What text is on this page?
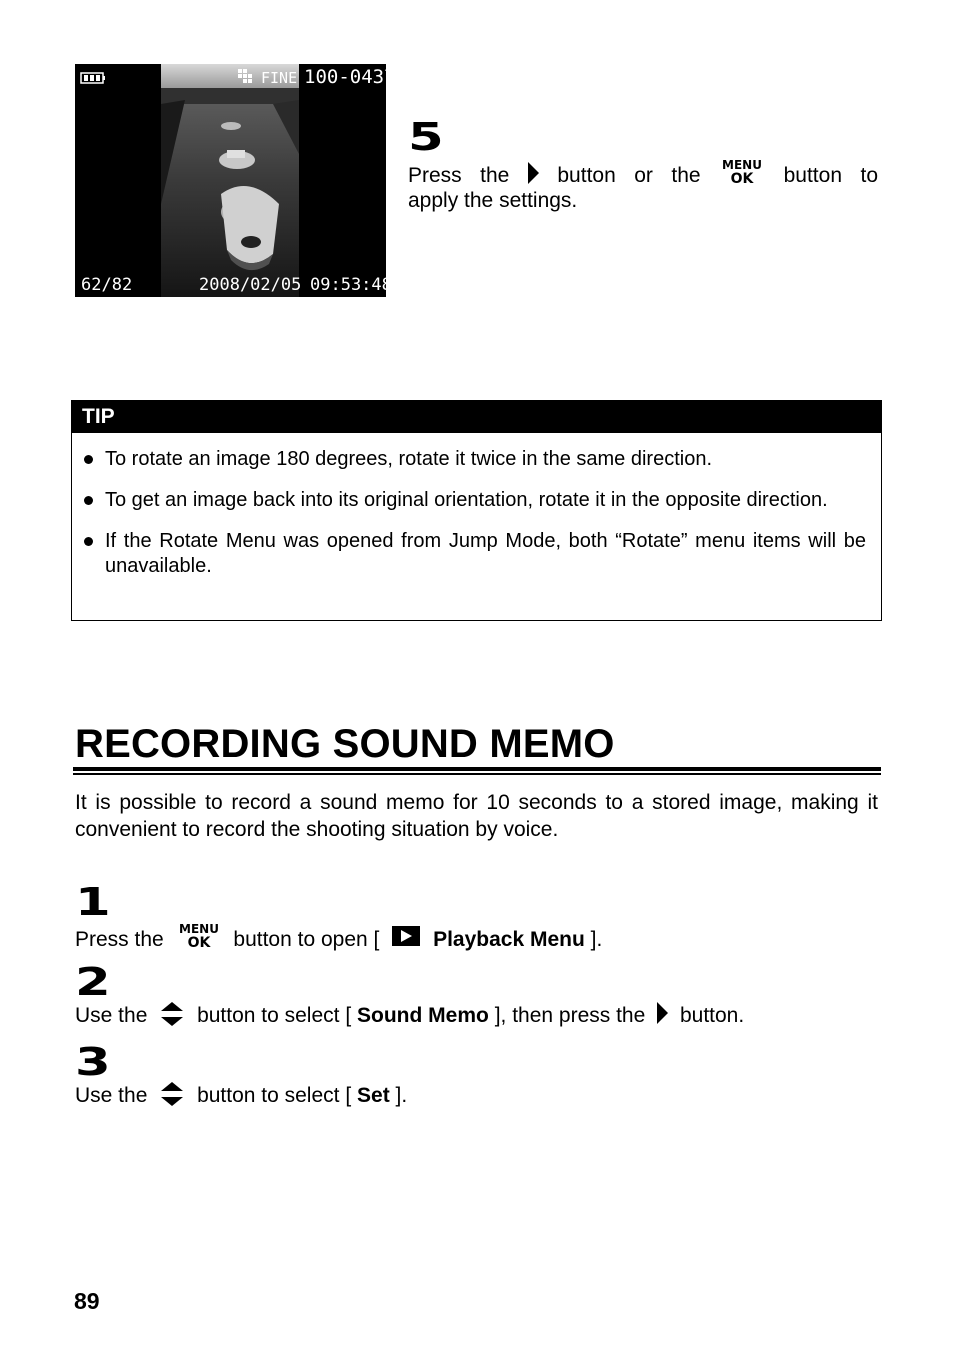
FINE 100-0437
62/82	2008/02/05 09:53:48
5
Press the button or the MENU
OK button to
apply the settings.
TIP
To rotate an image 180 degrees, rotate it twice in the same direction.
To get an image back into its original orientation, rotate it in the opposite direction.
If the Rotate Menu was opened from Jump Mode, both “Rotate” menu items will be unavailable.
RECORDING SOUND MEMO
It is possible to record a sound memo for 10 seconds to a stored image, making it convenient to record the shooting situation by voice.
1
Press the MENU
OK button to open [	Playback Menu ].
2
Use the button to select [ Sound Memo ], then press the button.
3
Use the button to select [ Set ].
89
